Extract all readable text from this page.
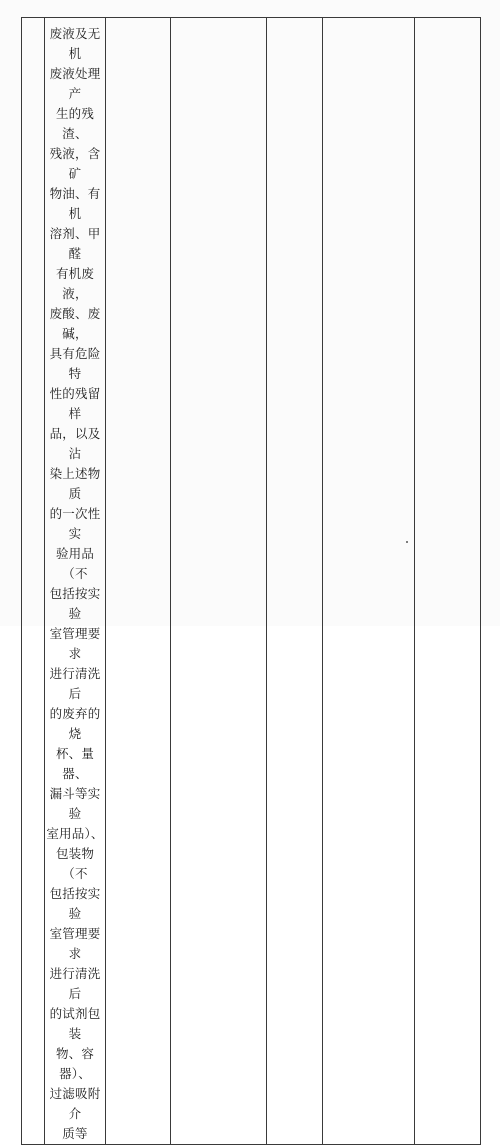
废液及无机
废液处理产
生的残渣、
残液，含矿
物油、有机
溶剂、甲醛
有机废液，
废酸、废碱，
具有危险特
性的残留样
品，以及沾
染上述物质
的一次性实
验用品（不
包括按实验
室管理要求
进行清洗后
的废弃的烧
杯、量器、
漏斗等实验
室用品）、
包装物（不
包括按实验
室管理要求
进行清洗后
的试剂包装
物、容器）、
过滤吸附介
质等
